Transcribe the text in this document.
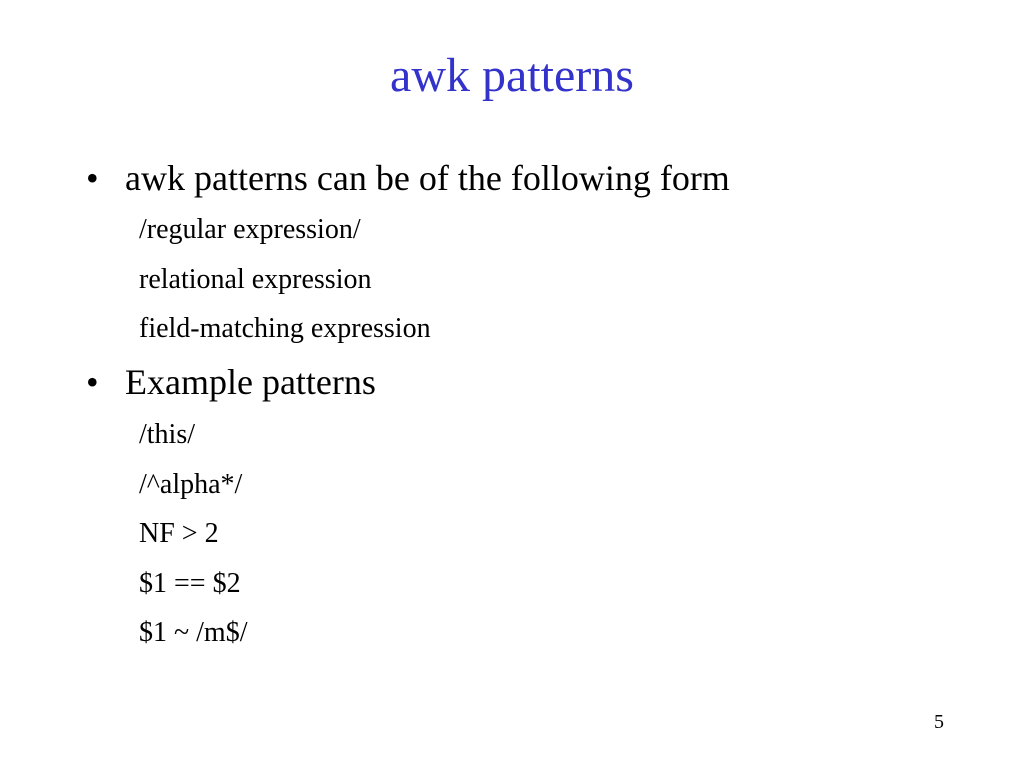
awk patterns
• awk patterns can be of the following form
/regular expression/
relational expression
field-matching expression
• Example patterns
/this/
/^alpha*/
NF > 2
$1 == $2
$1 ~ /m$/
5
